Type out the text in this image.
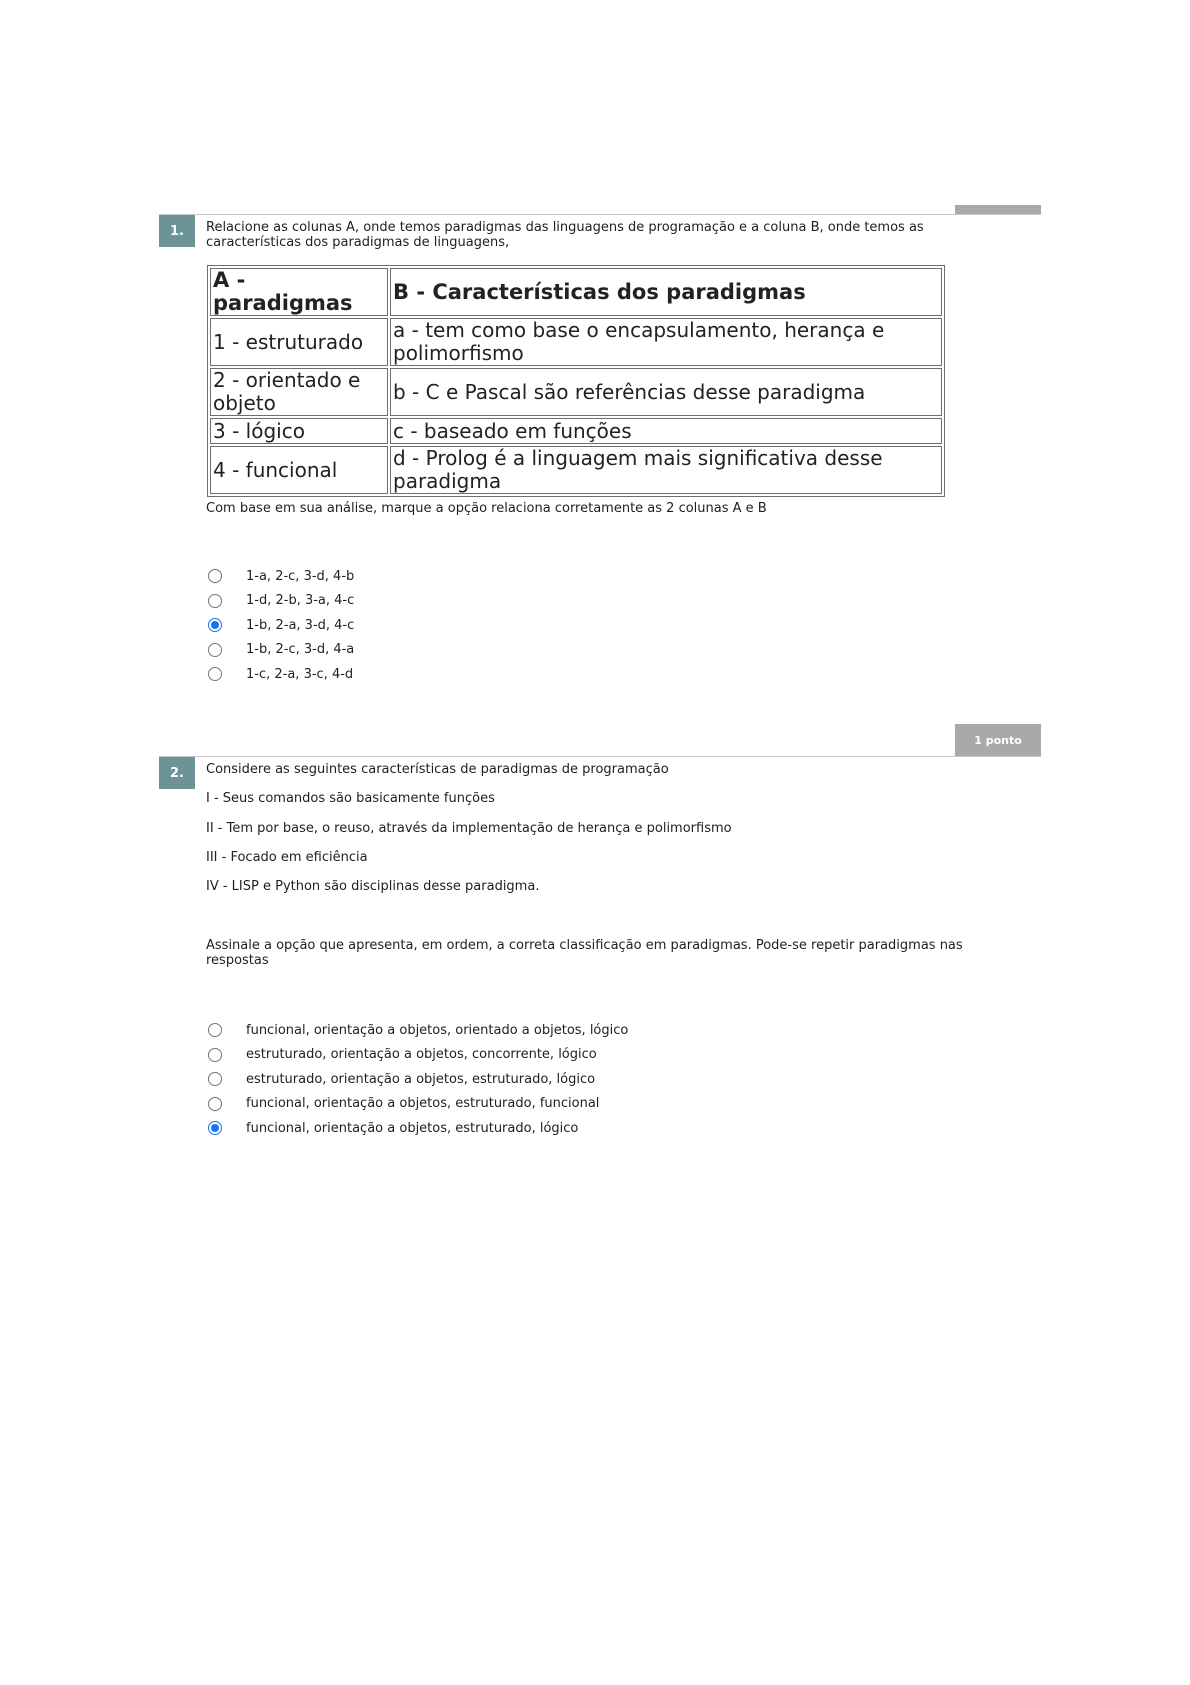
1.	Relacione as colunas A, onde temos paradigmas das linguagens de programação e a coluna B, onde temos as características dos paradigmas de linguagens,
A - paradigmas	B - Características dos paradigmas
1 - estruturado	a - tem como base o encapsulamento, herança e polimorfismo
2 - orientado e objeto	b - C e Pascal são referências desse paradigma
3 - lógico	c - baseado em funções
4 - funcional	d - Prolog é a linguagem mais significativa desse paradigma
Com base em sua análise, marque a opção relaciona corretamente as 2 colunas A e B
1-a, 2-c, 3-d, 4-b
1-d, 2-b, 3-a, 4-c
1-b, 2-a, 3-d, 4-c
1-b, 2-c, 3-d, 4-a
1-c, 2-a, 3-c, 4-d
1 ponto
2.	Considere as seguintes características de paradigmas de programação
I - Seus comandos são basicamente funções
II - Tem por base, o reuso, através da implementação de herança e polimorfismo
III - Focado em eficiência
IV - LISP e Python são disciplinas desse paradigma.
Assinale a opção que apresenta, em ordem, a correta classificação em paradigmas. Pode-se repetir paradigmas nas respostas
funcional, orientação a objetos, orientado a objetos, lógico
estruturado, orientação a objetos, concorrente, lógico
estruturado, orientação a objetos, estruturado, lógico
funcional, orientação a objetos, estruturado, funcional
funcional, orientação a objetos, estruturado, lógico
